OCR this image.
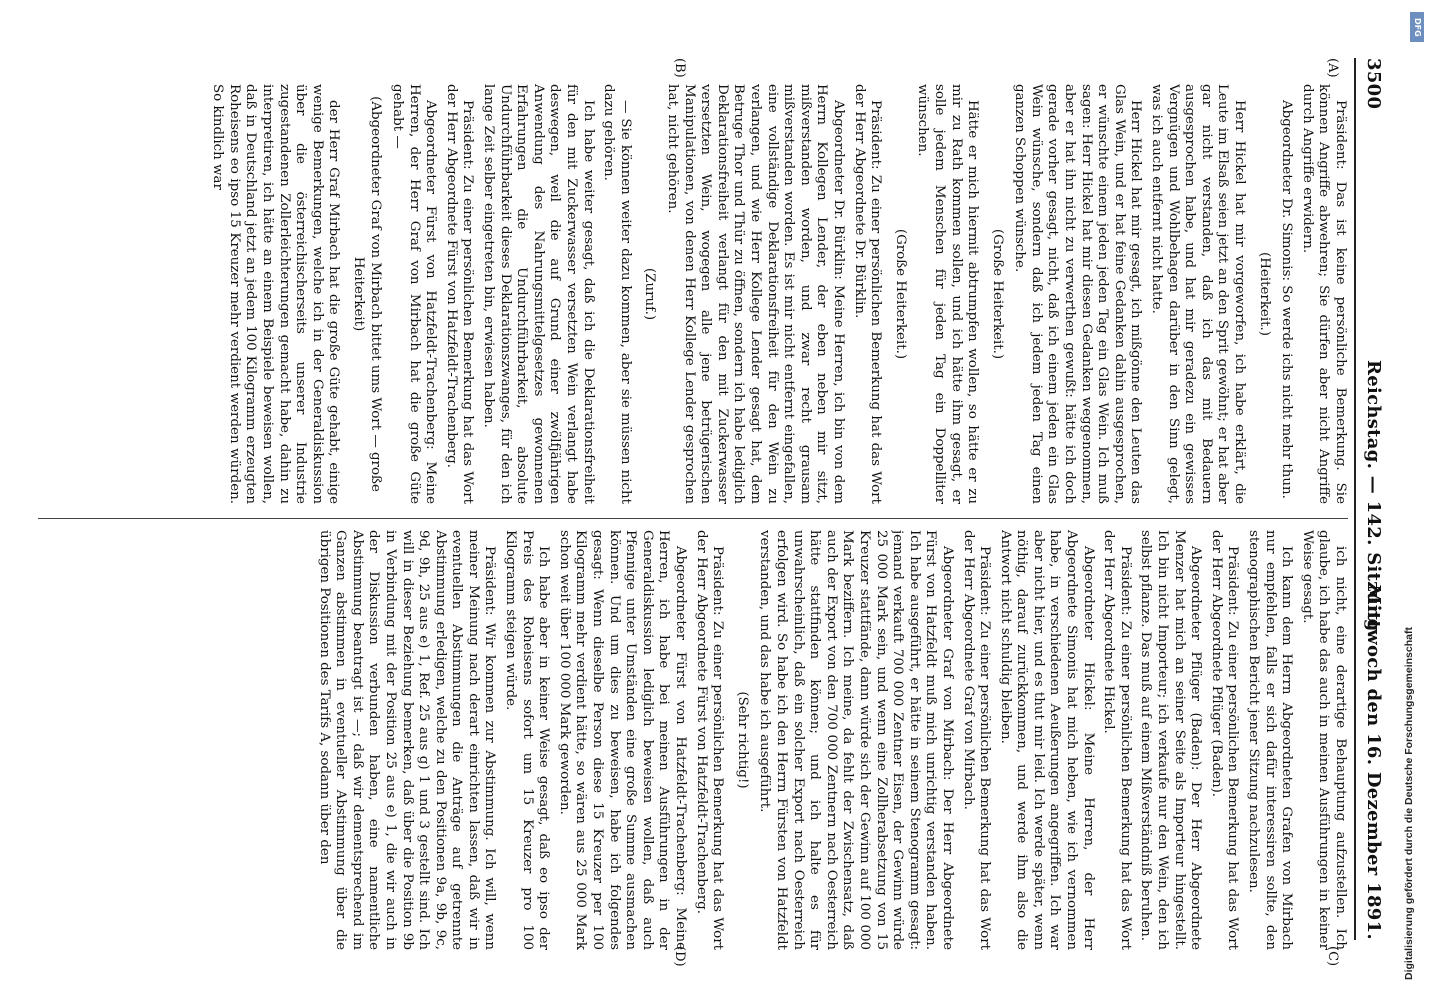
3500
Reichstag. — 142. Sitzung.
Mittwoch den 16. Dezember 1891.
(A)
(B)
(C)
(D)

Präsident: Das ist keine persönliche Bemerkung. Sie können Angriffe abwehren; Sie dürfen aber nicht Angriffe durch Angriffe erwidern.

Abgeordneter Dr. Simonis: So werde ichs nicht mehr thun.

(Heiterkeit.)

Herr Hickel hat mir vorgeworfen, ich habe erklärt, die Leute im Elsaß seien jetzt an den Sprit gewöhnt; er hat aber gar nicht verstanden, daß ich das mit Bedauern ausgesprochen habe, und hat mir geradezu ein gewisses Vergnügen und Wohlbehagen darüber in den Sinn gelegt, was ich auch entfernt nicht hatte.

Herr Hickel hat mir gesagt, ich mißgönne den Leuten das Glas Wein, und er hat feine Gedanken dahin ausgesprochen, er wünschte einem jeden jeden Tag ein Glas Wein. Ich muß sagen: Herr Hickel hat mir diesen Gedanken weggenommen, aber er hat ihn nicht zu verwerthen gewußt: hätte ich doch gerade vorher gesagt, nicht, daß ich einem jeden ein Glas Wein wünsche, sondern daß ich jedem jeden Tag einen ganzen Schoppen wünsche.

(Große Heiterkeit.)

Hätte er mich hiermit abtrumpfen wollen, so hätte er zu mir zu Rath kommen sollen, und ich hätte ihm gesagt, er solle jedem Menschen für jeden Tag ein Doppelliter wünschen.

(Große Heiterkeit.)

Präsident: Zu einer persönlichen Bemerkung hat das Wort der Herr Abgeordnete Dr. Bürklin.

Abgeordneter Dr. Bürklin: Meine Herren, ich bin von dem Herrn Kollegen Lender, der eben neben mir sitzt, mißverstanden worden, und zwar recht grausam mißverstanden worden. Es ist mir nicht entfernt eingefallen, eine vollständige Deklarationsfreiheit für den Wein zu verlangen, und wie Herr Kollege Lender gesagt hat, dem Betruge Thor und Thür zu öffnen, sondern ich habe lediglich Deklarationsfreiheit verlangt für den mit Zuckerwasser versetzten Wein, wogegen alle jene betrügerischen Manipulationen, von denen Herr Kollege Lender gesprochen hat, nicht gehören.

(Zuruf.)

— Sie können weiter dazu kommen, aber sie müssen nicht dazu gehören.

Ich habe weiter gesagt, daß ich die Deklarationsfreiheit für den mit Zuckerwasser versetzten Wein verlangt habe deswegen, weil die auf Grund einer zwölfjährigen Anwendung des Nahrungsmittelgesetzes gewonnenen Erfahrungen die Undurchführbarkeit, absolute Undurchführbarkeit dieses Deklarationszwanges, für den ich lange Zeit selber eingetreten bin, erwiesen haben.

Präsident: Zu einer persönlichen Bemerkung hat das Wort der Herr Abgeordnete Fürst von Hatzfeldt-Trachenberg.

Abgeordneter Fürst von Hatzfeldt-Trachenberg: Meine Herren, der Herr Graf von Mirbach hat die große Güte gehabt —

(Abgeordneter Graf von Mirbach bittet ums Wort — große Heiterkeit)

der Herr Graf Mirbach hat die große Güte gehabt, einige wenige Bemerkungen, welche ich in der Generaldiskussion über die österreichischerseits unserer Industrie zugestandenen Zollerleichterungen gemacht habe, dahin zu interpretiren, ich hätte an einem Beispiele beweisen wollen, daß in Deutschland jetzt an jedem 100 Kilogramm erzeugten Roheisens eo ipso 15 Kreuzer mehr verdient werden würden. So kindlich war

ich nicht, eine derartige Behauptung aufzustellen. Ich glaube, ich habe das auch in meinen Ausführungen in keiner Weise gesagt.

Ich kann dem Herrn Abgeordneten Grafen von Mirbach nur empfehlen, falls er sich dafür interessiren sollte, den stenographischen Bericht jener Sitzung nachzulesen.

Präsident: Zu einer persönlichen Bemerkung hat das Wort der Herr Abgeordnete Pflüger (Baden).

Abgeordneter Pflüger (Baden): Der Herr Abgeordnete Menzer hat mich an seiner Seite als Importeur hingestellt. Ich bin nicht Importeur; ich verkaufe nur den Wein, den ich selbst pflanze. Das muß auf einem Mißverständniß beruhen.

Präsident: Zu einer persönlichen Bemerkung hat das Wort der Herr Abgeordnete Hickel.

Abgeordneter Hickel: Meine Herren, der Herr Abgeordnete Simonis hat mich heben, wie ich vernommen habe, in verschiedenen Aeußerungen angegriffen. Ich war aber nicht hier, und es thut mir leid. Ich werde später, wenn nöthig, darauf zurückkommen, und werde ihm also die Antwort nicht schuldig bleiben.

Präsident: Zu einer persönlichen Bemerkung hat das Wort der Herr Abgeordnete Graf von Mirbach.

Abgeordneter Graf von Mirbach: Der Herr Abgeordnete Fürst von Hatzfeldt muß mich unrichtig verstanden haben. Ich habe ausgeführt, er hätte in seinem Stenogramm gesagt: jemand verkauft 700 000 Zentner Eisen, der Gewinn würde 25 000 Mark sein, und wenn eine Zollherabsetzung von 15 Kreuzer stattfände, dann würde sich der Gewinn auf 100 000 Mark beziffern. Ich meine, da fehlt der Zwischensatz, daß auch der Export von den 700 000 Zentnern nach Oesterreich hätte stattfinden können; und ich halte es für unwahrscheinlich, daß ein solcher Export nach Oesterreich erfolgen wird. So habe ich den Herrn Fürsten von Hatzfeldt verstanden, und das habe ich ausgeführt.

(Sehr richtig!)

Präsident: Zu einer persönlichen Bemerkung hat das Wort der Herr Abgeordnete Fürst von Hatzfeldt-Trachenberg.

Abgeordneter Fürst von Hatzfeldt-Trachenberg: Meine Herren, ich habe bei meinen Ausführungen in der Generaldiskussion lediglich beweisen wollen, daß auch Pfennige unter Umständen eine große Summe ausmachen können. Und um dies zu beweisen, habe ich folgendes gesagt: Wenn dieselbe Person diese 15 Kreuzer per 100 Kilogramm mehr verdient hätte, so wären aus 25 000 Mark schon weit über 100 000 Mark geworden.

Ich habe aber in keiner Weise gesagt, daß eo ipso der Preis des Roheisens sofort um 15 Kreuzer pro 100 Kilogramm steigen würde.

Präsident: Wir kommen zur Abstimmung. Ich will, wenn meiner Meinung nach derart einrichten lassen, daß wir in eventuellen Abstimmungen die Anträge auf getrennte Abstimmung erledigen, welche zu den Positionen 9a, 9b, 9c, 9d, 9h, 25 aus e) 1, Ref. 25 aus g) 1 und 3 gestellt sind. Ich will in dieser Beziehung bemerken, daß über die Position 9b in Verbindung mit der Position 25 aus e) 1, die wir auch in der Diskussion verbunden haben, eine namentliche Abstimmung beantragt ist —; daß wir dementsprechend im Ganzen abstimmen in eventueller Abstimmung über die übrigen Positionen des Tarifs A, sodann über den

DFG
Digitalisierung gefördert durch die Deutsche Forschungsgemeinschaft
